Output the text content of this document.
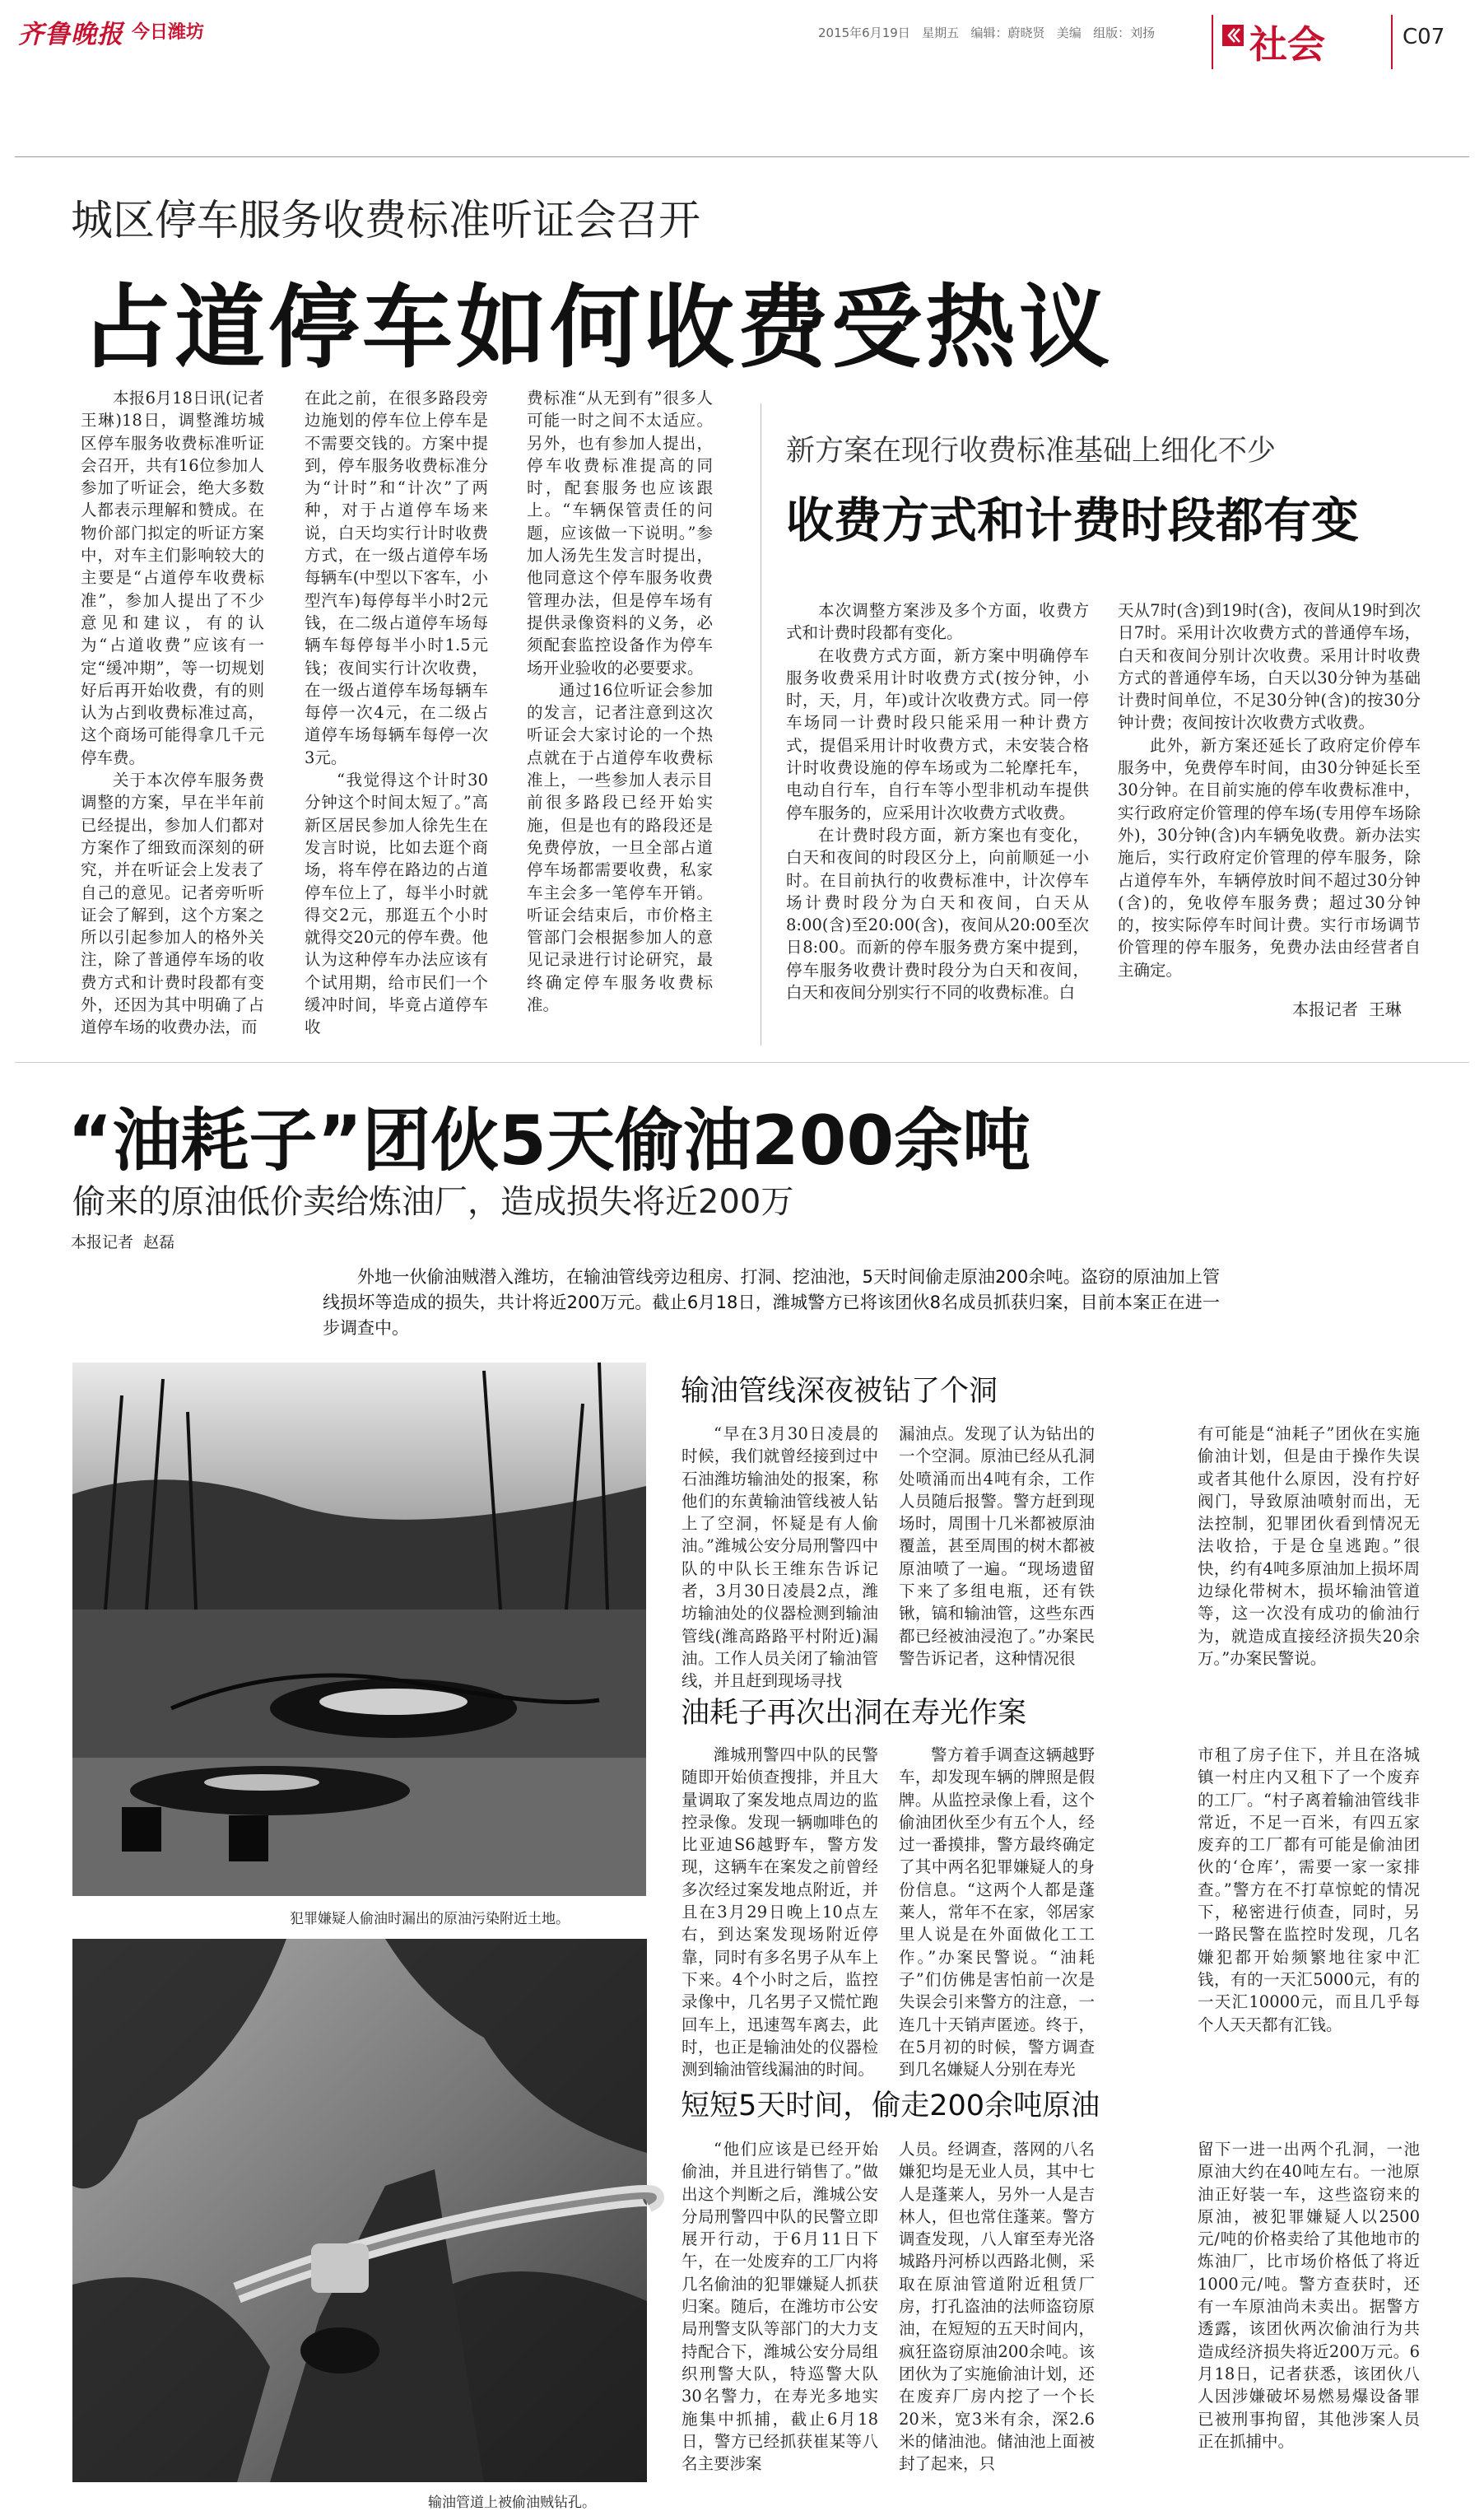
齐鲁晚报 今日潍坊	2015年6月19日 星期五 编辑：蔚晓贤 美编 组版：刘扬 社会	C07
城区停车服务收费标准听证会召开
占道停车如何收费受热议

本报6月18日讯(记者 王琳)18日，调整潍坊城区停车服务收费标准听证会召开，共有16位参加人参加了听证会，绝大多数人都表示理解和赞成。在物价部门拟定的听证方案中，对车主们影响较大的主要是“占道停车收费标准”，参加人提出了不少意见和建议，有的认为“占道收费”应该有一定“缓冲期”，等一切规划好后再开始收费，有的则认为占到收费标准过高，这个商场可能得拿几千元停车费。

关于本次停车服务费调整的方案，早在半年前已经提出，参加人们都对方案作了细致而深刻的研究，并在听证会上发表了自己的意见。记者旁听听证会了解到，这个方案之所以引起参加人的格外关注，除了普通停车场的收费方式和计费时段都有变外，还因为其中明确了占道停车场的收费办法，而

在此之前，在很多路段旁边施划的停车位上停车是不需要交钱的。方案中提到，停车服务收费标准分为“计时”和“计次”了两种，对于占道停车场来说，白天均实行计时收费方式，在一级占道停车场每辆车(中型以下客车，小型汽车)每停每半小时2元钱，在二级占道停车场每辆车每停每半小时1.5元钱；夜间实行计次收费，在一级占道停车场每辆车每停一次4元，在二级占道停车场每辆车每停一次3元。

“我觉得这个计时30分钟这个时间太短了。”高新区居民参加人徐先生在发言时说，比如去逛个商场，将车停在路边的占道停车位上了，每半小时就得交2元，那逛五个小时就得交20元的停车费。他认为这种停车办法应该有个试用期，给市民们一个缓冲时间，毕竟占道停车收

费标准“从无到有”很多人可能一时之间不太适应。另外，也有参加人提出，停车收费标准提高的同时，配套服务也应该跟上。“车辆保管责任的问题，应该做一下说明。”参加人汤先生发言时提出，他同意这个停车服务收费管理办法，但是停车场有提供录像资料的义务，必须配套监控设备作为停车场开业验收的必要要求。

通过16位听证会参加的发言，记者注意到这次听证会大家讨论的一个热点就在于占道停车收费标准上，一些参加人表示目前很多路段已经开始实施，但是也有的路段还是免费停放，一旦全部占道停车场都需要收费，私家车主会多一笔停车开销。听证会结束后，市价格主管部门会根据参加人的意见记录进行讨论研究，最终确定停车服务收费标准。

新方案在现行收费标准基础上细化不少
收费方式和计费时段都有变

本次调整方案涉及多个方面，收费方式和计费时段都有变化。

在收费方式方面，新方案中明确停车服务收费采用计时收费方式(按分钟，小时，天，月，年)或计次收费方式。同一停车场同一计费时段只能采用一种计费方式，提倡采用计时收费方式，未安装合格计时收费设施的停车场或为二轮摩托车，电动自行车，自行车等小型非机动车提供停车服务的，应采用计次收费方式收费。

在计费时段方面，新方案也有变化，白天和夜间的时段区分上，向前顺延一小时。在目前执行的收费标准中，计次停车场计费时段分为白天和夜间，白天从8:00(含)至20:00(含)，夜间从20:00至次日8:00。而新的停车服务费方案中提到，停车服务收费计费时段分为白天和夜间，白天和夜间分别实行不同的收费标准。白

天从7时(含)到19时(含)，夜间从19时到次日7时。采用计次收费方式的普通停车场，白天和夜间分别计次收费。采用计时收费方式的普通停车场，白天以30分钟为基础计费时间单位，不足30分钟(含)的按30分钟计费；夜间按计次收费方式收费。

此外，新方案还延长了政府定价停车服务中，免费停车时间，由30分钟延长至30分钟。在目前实施的停车收费标准中，实行政府定价管理的停车场(专用停车场除外)，30分钟(含)内车辆免收费。新办法实施后，实行政府定价管理的停车服务，除占道停车外，车辆停放时间不超过30分钟(含)的，免收停车服务费；超过30分钟的，按实际停车时间计费。实行市场调节价管理的停车服务，免费办法由经营者自主确定。

本报记者  王琳
“油耗子”团伙5天偷油200余吨
偷来的原油低价卖给炼油厂，造成损失将近200万
本报记者  赵磊
外地一伙偷油贼潜入潍坊，在输油管线旁边租房、打洞、挖油池，5天时间偷走原油200余吨。盗窃的原油加上管线损坏等造成的损失，共计将近200万元。截止6月18日，潍城警方已将该团伙8名成员抓获归案，目前本案正在进一步调查中。
犯罪嫌疑人偷油时漏出的原油污染附近土地。
输油管道上被偷油贼钻孔。
输油管线深夜被钻了个洞

“早在3月30日凌晨的时候，我们就曾经接到过中石油潍坊输油处的报案，称他们的东黄输油管线被人钻上了空洞，怀疑是有人偷油。”潍城公安分局刑警四中队的中队长王维东告诉记者，3月30日凌晨2点，潍坊输油处的仪器检测到输油管线(潍高路路平村附近)漏油。工作人员关闭了输油管线，并且赶到现场寻找

漏油点。发现了认为钻出的一个空洞。原油已经从孔洞处喷涌而出4吨有余，工作人员随后报警。警方赶到现场时，周围十几米都被原油覆盖，甚至周围的树木都被原油喷了一遍。“现场遗留下来了多组电瓶，还有铁锹，镐和输油管，这些东西都已经被油浸泡了。”办案民警告诉记者，这种情况很

有可能是“油耗子”团伙在实施偷油计划，但是由于操作失误或者其他什么原因，没有拧好阀门，导致原油喷射而出，无法控制，犯罪团伙看到情况无法收拾，于是仓皇逃跑。”很快，约有4吨多原油加上损坏周边绿化带树木，损坏输油管道等，这一次没有成功的偷油行为，就造成直接经济损失20余万。”办案民警说。

油耗子再次出洞在寿光作案

潍城刑警四中队的民警随即开始侦查搜排，并且大量调取了案发地点周边的监控录像。发现一辆咖啡色的比亚迪S6越野车，警方发现，这辆车在案发之前曾经多次经过案发地点附近，并且在3月29日晚上10点左右，到达案发现场附近停靠，同时有多名男子从车上下来。4个小时之后，监控录像中，几名男子又慌忙跑回车上，迅速驾车离去，此时，也正是输油处的仪器检测到输油管线漏油的时间。

警方着手调查这辆越野车，却发现车辆的牌照是假牌。从监控录像上看，这个偷油团伙至少有五个人，经过一番摸排，警方最终确定了其中两名犯罪嫌疑人的身份信息。“这两个人都是蓬莱人，常年不在家，邻居家里人说是在外面做化工工作。”办案民警说。“油耗子”们仿佛是害怕前一次是失误会引来警方的注意，一连几十天销声匿迹。终于，在5月初的时候，警方调查到几名嫌疑人分别在寿光

市租了房子住下，并且在洛城镇一村庄内又租下了一个废弃的工厂。“村子离着输油管线非常近，不足一百米，有四五家废弃的工厂都有可能是偷油团伙的‘仓库’，需要一家一家排查。”警方在不打草惊蛇的情况下，秘密进行侦查，同时，另一路民警在监控时发现，几名嫌犯都开始频繁地往家中汇钱，有的一天汇5000元，有的一天汇10000元，而且几乎每个人天天都有汇钱。

短短5天时间，偷走200余吨原油

“他们应该是已经开始偷油，并且进行销售了。”做出这个判断之后，潍城公安分局刑警四中队的民警立即展开行动，于6月11日下午，在一处废弃的工厂内将几名偷油的犯罪嫌疑人抓获归案。随后，在潍坊市公安局刑警支队等部门的大力支持配合下，潍城公安分局组织刑警大队，特巡警大队30名警力，在寿光多地实施集中抓捕，截止6月18日，警方已经抓获崔某等八名主要涉案

人员。经调查，落网的八名嫌犯均是无业人员，其中七人是蓬莱人，另外一人是吉林人，但也常住蓬莱。警方调查发现，八人窜至寿光洛城路丹河桥以西路北侧，采取在原油管道附近租赁厂房，打孔盗油的法师盗窃原油，在短短的五天时间内，疯狂盗窃原油200余吨。该团伙为了实施偷油计划，还在废弃厂房内挖了一个长20米，宽3米有余，深2.6米的储油池。储油池上面被封了起来，只

留下一进一出两个孔洞，一池原油大约在40吨左右。一池原油正好装一车，这些盗窃来的原油，被犯罪嫌疑人以2500元/吨的价格卖给了其他地市的炼油厂，比市场价格低了将近1000元/吨。警方查获时，还有一车原油尚未卖出。据警方透露，该团伙两次偷油行为共造成经济损失将近200万元。6月18日，记者获悉，该团伙八人因涉嫌破坏易燃易爆设备罪已被刑事拘留，其他涉案人员正在抓捕中。
